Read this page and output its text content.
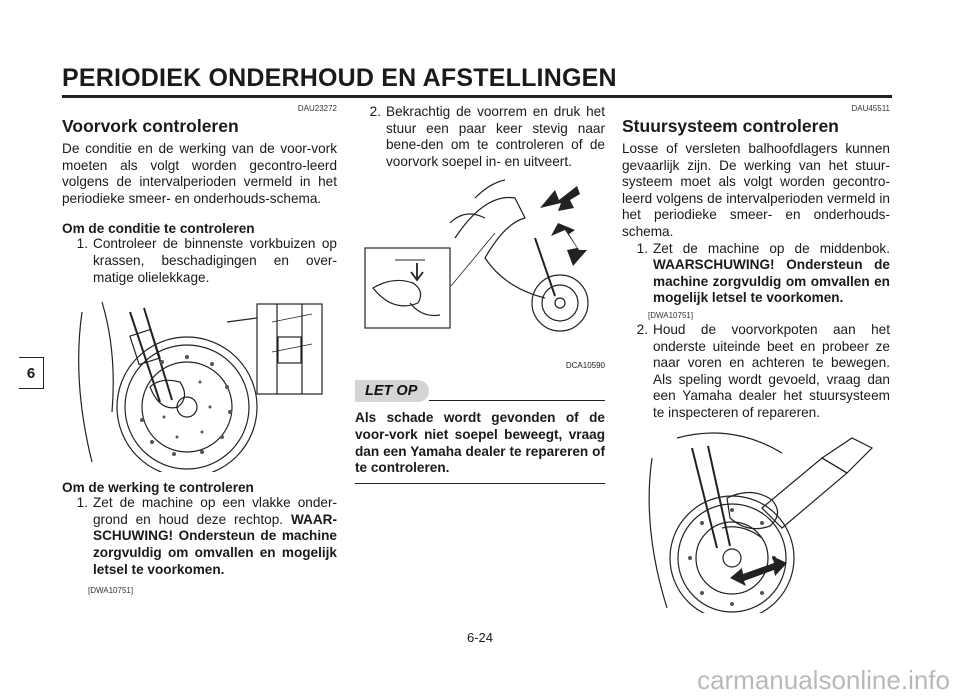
PERIODIEK ONDERHOUD EN AFSTELLINGEN
6
DAU23272
Voorvork controleren

De conditie en de werking van de voor-vork moeten als volgt worden gecontro-leerd volgens de intervalperioden vermeld in het periodieke smeer- en onderhouds-schema.

Om de conditie te controleren
1. Controleer de binnenste vorkbuizen op krassen, beschadigingen en over-matige olielekkage.
Om de werking te controleren
1. Zet de machine op een vlakke onder-grond en houd deze rechtop. WAAR-SCHUWING! Ondersteun de machine zorgvuldig om omvallen en mogelijk letsel te voorkomen.
[DWA10751]
2. Bekrachtig de voorrem en druk het stuur een paar keer stevig naar bene-den om te controleren of de voorvork soepel in- en uitveert.
DCA10590
LET OP
Als schade wordt gevonden of de voor-vork niet soepel beweegt, vraag dan een Yamaha dealer te repareren of te controleren.
DAU45511
Stuursysteem controleren

Losse of versleten balhoofdlagers kunnen gevaarlijk zijn. De werking van het stuur-systeem moet als volgt worden gecontro-leerd volgens de intervalperioden vermeld in het periodieke smeer- en onderhouds-schema.

1. Zet de machine op de middenbok. WAARSCHUWING! Ondersteun de machine zorgvuldig om omvallen en mogelijk letsel te voorkomen.
[DWA10751]
2. Houd de voorvorkpoten aan het onderste uiteinde beet en probeer ze naar voren en achteren te bewegen. Als speling wordt gevoeld, vraag dan een Yamaha dealer het stuursysteem te inspecteren of repareren.
6-24
carmanualsonline.info
